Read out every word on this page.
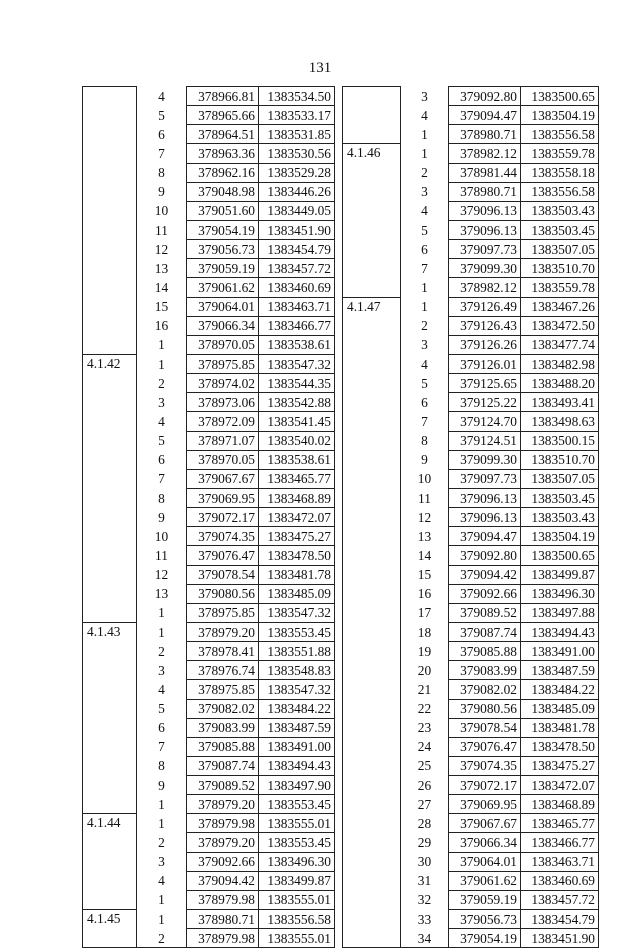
131
	4	378966.81	1383534.50
	5	378965.66	1383533.17
	6	378964.51	1383531.85
	7	378963.36	1383530.56
	8	378962.16	1383529.28
	9	379048.98	1383446.26
	10	379051.60	1383449.05
	11	379054.19	1383451.90
	12	379056.73	1383454.79
	13	379059.19	1383457.72
	14	379061.62	1383460.69
	15	379064.01	1383463.71
	16	379066.34	1383466.77
	1	378970.05	1383538.61
4.1.42	1	378975.85	1383547.32
	2	378974.02	1383544.35
	3	378973.06	1383542.88
	4	378972.09	1383541.45
	5	378971.07	1383540.02
	6	378970.05	1383538.61
	7	379067.67	1383465.77
	8	379069.95	1383468.89
	9	379072.17	1383472.07
	10	379074.35	1383475.27
	11	379076.47	1383478.50
	12	379078.54	1383481.78
	13	379080.56	1383485.09
	1	378975.85	1383547.32
4.1.43	1	378979.20	1383553.45
	2	378978.41	1383551.88
	3	378976.74	1383548.83
	4	378975.85	1383547.32
	5	379082.02	1383484.22
	6	379083.99	1383487.59
	7	379085.88	1383491.00
	8	379087.74	1383494.43
	9	379089.52	1383497.90
	1	378979.20	1383553.45
4.1.44	1	378979.98	1383555.01
	2	378979.20	1383553.45
	3	379092.66	1383496.30
	4	379094.42	1383499.87
	1	378979.98	1383555.01
4.1.45	1	378980.71	1383556.58
	2	378979.98	1383555.01
	3	379092.80	1383500.65
	4	379094.47	1383504.19
	1	378980.71	1383556.58
4.1.46	1	378982.12	1383559.78
	2	378981.44	1383558.18
	3	378980.71	1383556.58
	4	379096.13	1383503.43
	5	379096.13	1383503.45
	6	379097.73	1383507.05
	7	379099.30	1383510.70
	1	378982.12	1383559.78
4.1.47	1	379126.49	1383467.26
	2	379126.43	1383472.50
	3	379126.26	1383477.74
	4	379126.01	1383482.98
	5	379125.65	1383488.20
	6	379125.22	1383493.41
	7	379124.70	1383498.63
	8	379124.51	1383500.15
	9	379099.30	1383510.70
	10	379097.73	1383507.05
	11	379096.13	1383503.45
	12	379096.13	1383503.43
	13	379094.47	1383504.19
	14	379092.80	1383500.65
	15	379094.42	1383499.87
	16	379092.66	1383496.30
	17	379089.52	1383497.88
	18	379087.74	1383494.43
	19	379085.88	1383491.00
	20	379083.99	1383487.59
	21	379082.02	1383484.22
	22	379080.56	1383485.09
	23	379078.54	1383481.78
	24	379076.47	1383478.50
	25	379074.35	1383475.27
	26	379072.17	1383472.07
	27	379069.95	1383468.89
	28	379067.67	1383465.77
	29	379066.34	1383466.77
	30	379064.01	1383463.71
	31	379061.62	1383460.69
	32	379059.19	1383457.72
	33	379056.73	1383454.79
	34	379054.19	1383451.90
